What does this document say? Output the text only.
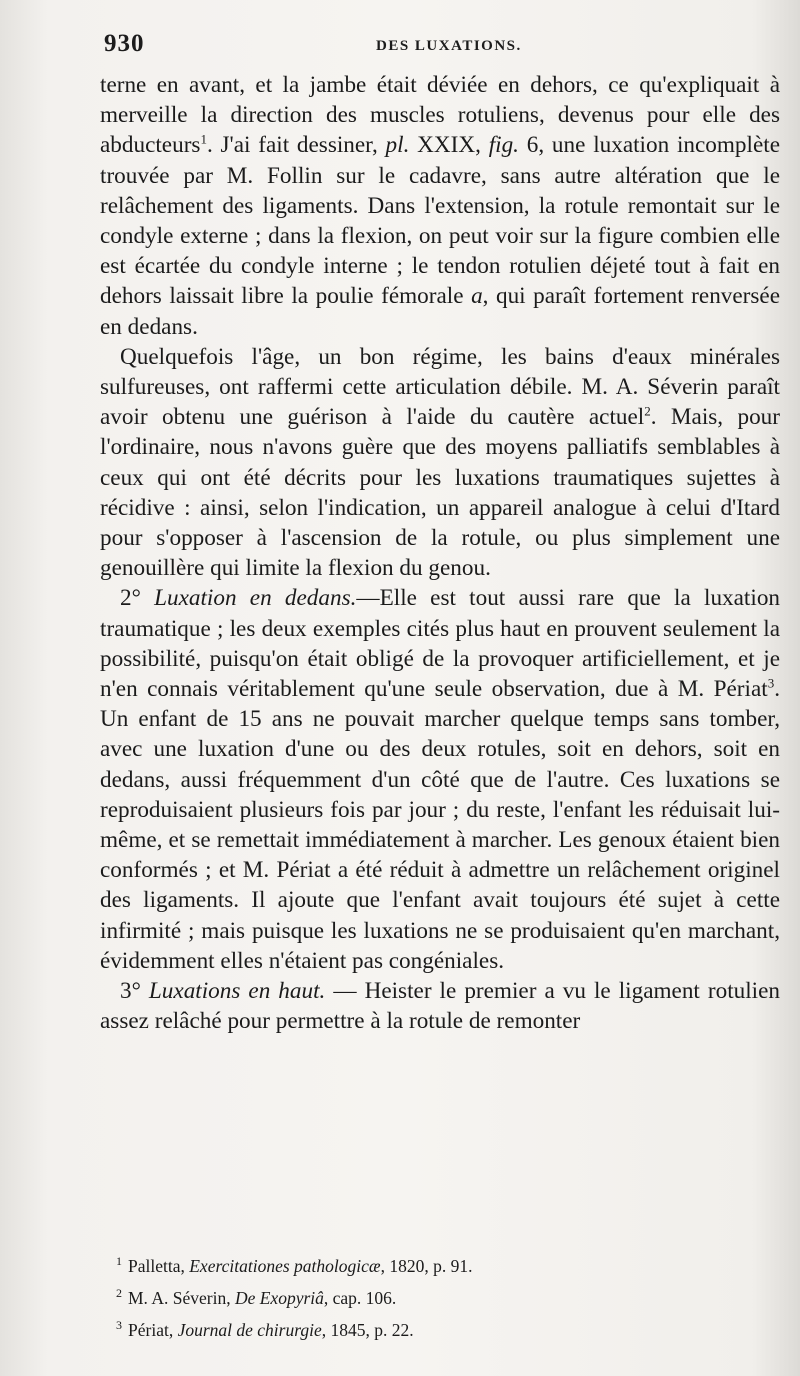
930	DES LUXATIONS.

terne en avant, et la jambe était déviée en dehors, ce qu'expliquait à merveille la direction des muscles rotuliens, devenus pour elle des abducteurs$^1$. J'ai fait dessiner, pl. XXIX, fig. 6, une luxation incomplète trouvée par M. Follin sur le cadavre, sans autre altération que le relâchement des ligaments. Dans l'extension, la rotule remontait sur le condyle externe ; dans la flexion, on peut voir sur la figure combien elle est écartée du condyle interne ; le tendon rotulien déjeté tout à fait en dehors laissait libre la poulie fémorale a, qui paraît fortement renversée en dedans.

Quelquefois l'âge, un bon régime, les bains d'eaux minérales sulfureuses, ont raffermi cette articulation débile. M. A. Séverin paraît avoir obtenu une guérison à l'aide du cautère actuel$^2$. Mais, pour l'ordinaire, nous n'avons guère que des moyens palliatifs semblables à ceux qui ont été décrits pour les luxations traumatiques sujettes à récidive : ainsi, selon l'indication, un appareil analogue à celui d'Itard pour s'opposer à l'ascension de la rotule, ou plus simplement une genouillère qui limite la flexion du genou.

2° Luxation en dedans.—Elle est tout aussi rare que la luxation traumatique ; les deux exemples cités plus haut en prouvent seulement la possibilité, puisqu'on était obligé de la provoquer artificiellement, et je n'en connais véritablement qu'une seule observation, due à M. Périat$^3$. Un enfant de 15 ans ne pouvait marcher quelque temps sans tomber, avec une luxation d'une ou des deux rotules, soit en dehors, soit en dedans, aussi fréquemment d'un côté que de l'autre. Ces luxations se reproduisaient plusieurs fois par jour ; du reste, l'enfant les réduisait lui-même, et se remettait immédiatement à marcher. Les genoux étaient bien conformés ; et M. Périat a été réduit à admettre un relâchement originel des ligaments. Il ajoute que l'enfant avait toujours été sujet à cette infirmité ; mais puisque les luxations ne se produisaient qu'en marchant, évidemment elles n'étaient pas congéniales.

3° Luxations en haut. — Heister le premier a vu le ligament rotulien assez relâché pour permettre à la rotule de remonter

$^1$ Palletta, Exercitationes pathologicæ, 1820, p. 91.

$^2$ M. A. Séverin, De Exopyriâ, cap. 106.

$^3$ Périat, Journal de chirurgie, 1845, p. 22.
